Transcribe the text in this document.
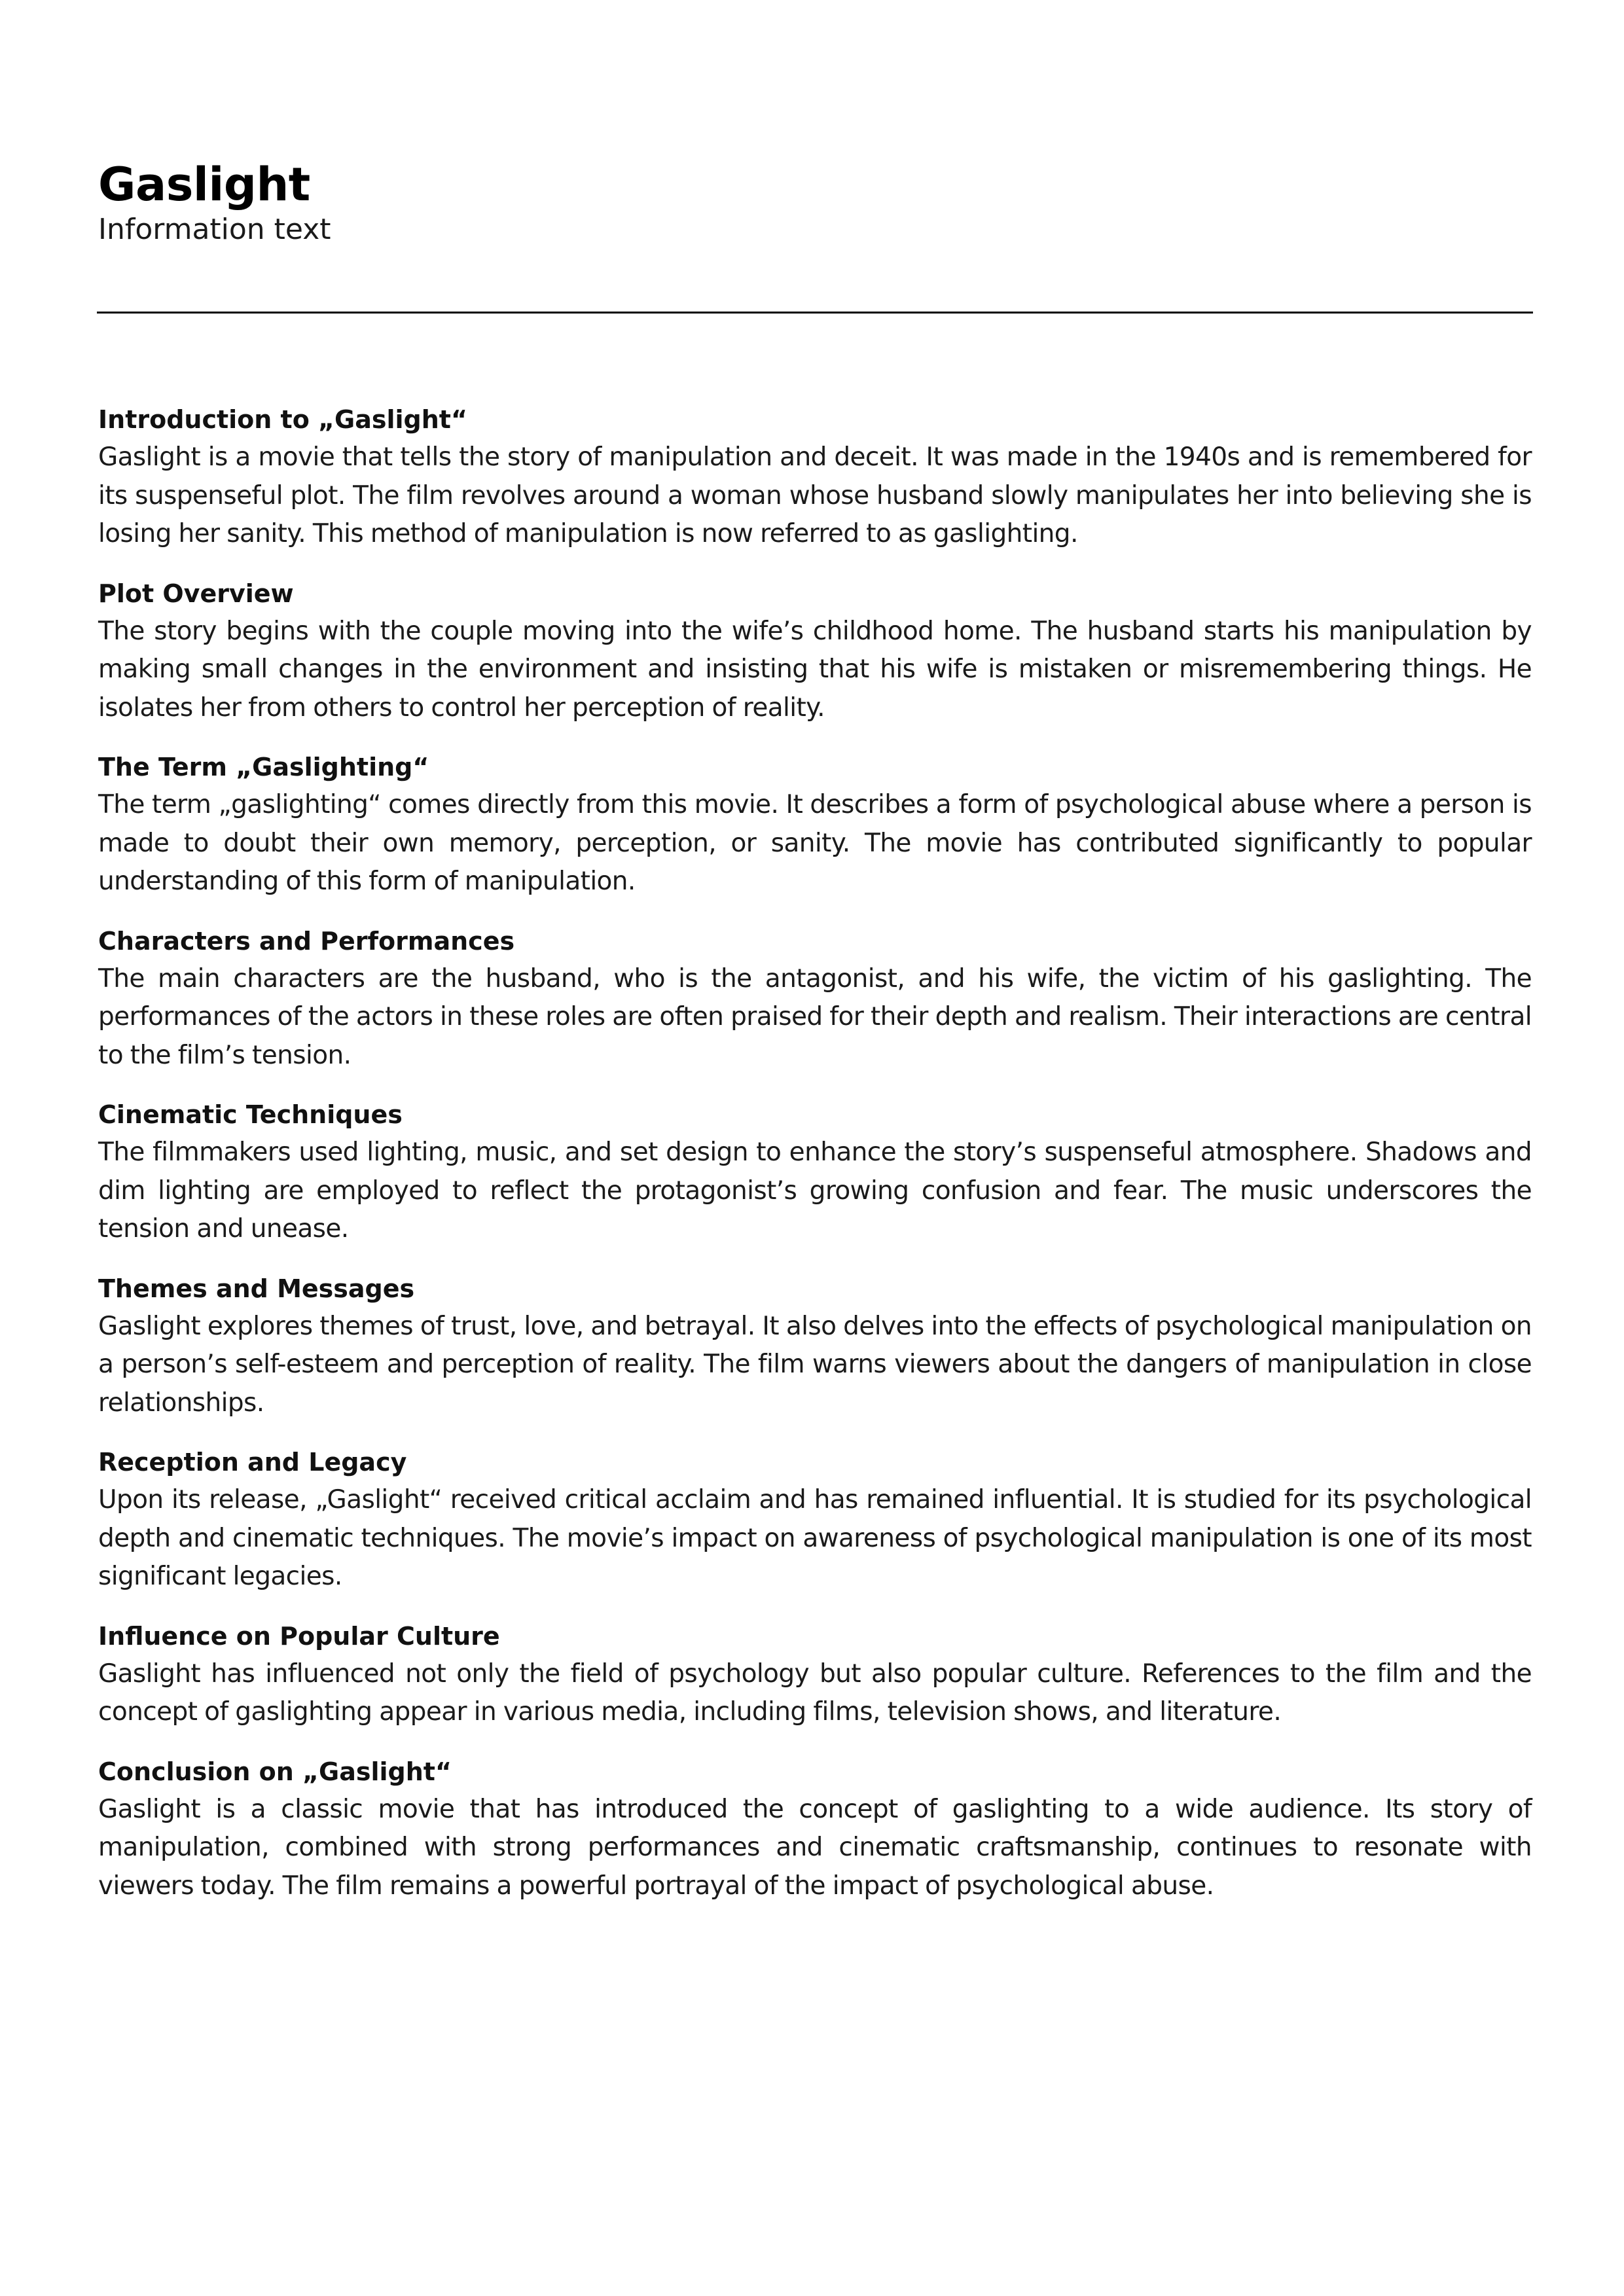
Gaslight
Information text
Introduction to „Gaslight“

Gaslight is a movie that tells the story of manipulation and deceit. It was made in the 1940s and is remembered for its suspenseful plot. The film revolves around a woman whose husband slowly manipulates her into believing she is losing her sanity. This method of manipulation is now referred to as gaslighting.

Plot Overview

The story begins with the couple moving into the wife’s childhood home. The husband starts his manipulation by making small changes in the environment and insisting that his wife is mistaken or misremembering things. He isolates her from others to control her perception of reality.

The Term „Gaslighting“

The term „gaslighting“ comes directly from this movie. It describes a form of psychological abuse where a person is made to doubt their own memory, perception, or sanity. The movie has contributed significantly to popular understanding of this form of manipulation.

Characters and Performances

The main characters are the husband, who is the antagonist, and his wife, the victim of his gaslighting. The performances of the actors in these roles are often praised for their depth and realism. Their interactions are central to the film’s tension.

Cinematic Techniques

The filmmakers used lighting, music, and set design to enhance the story’s suspenseful atmosphere. Shadows and dim lighting are employed to reflect the protagonist’s growing confusion and fear. The music underscores the tension and unease.

Themes and Messages

Gaslight explores themes of trust, love, and betrayal. It also delves into the effects of psychological manipulation on a person’s self-esteem and perception of reality. The film warns viewers about the dangers of manipulation in close relationships.

Reception and Legacy

Upon its release, „Gaslight“ received critical acclaim and has remained influential. It is studied for its psychological depth and cinematic techniques. The movie’s impact on awareness of psychological manipulation is one of its most significant legacies.

Influence on Popular Culture

Gaslight has influenced not only the field of psychology but also popular culture. References to the film and the concept of gaslighting appear in various media, including films, television shows, and literature.

Conclusion on „Gaslight“

Gaslight is a classic movie that has introduced the concept of gaslighting to a wide audience. Its story of manipulation, combined with strong performances and cinematic craftsmanship, continues to resonate with viewers today. The film remains a powerful portrayal of the impact of psychological abuse.
